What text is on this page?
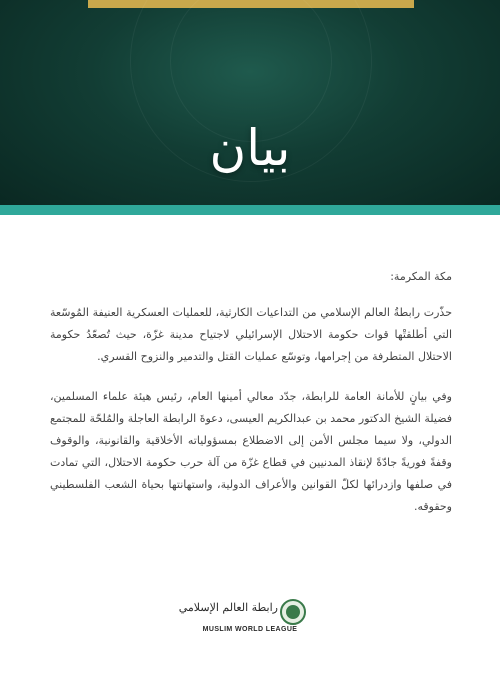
بيان

مكة المكرمة:

حذّرت رابطةُ العالم الإسلامي من التداعيات الكارثية، للعمليات العسكرية العنيفة المُوسّعة التي أطلقتْها قوات حكومة الاحتلال الإسرائيلي لاجتياح مدينة غزّة، حيث تُصعّدُ حكومة الاحتلال المتطرفة من إجرامها، وتوسّع عمليات القتل والتدمير والنزوح القسري.

وفي بيانٍ للأمانة العامة للرابطة، جدّد معالي أمينها العام، رئيس هيئة علماء المسلمين، فضيلة الشيخ الدكتور محمد بن عبدالكريم العيسى، دعوةَ الرابطة العاجلة والمُلحّة للمجتمع الدولي، ولا سيما مجلس الأمن إلى الاضطلاع بمسؤولياته الأخلاقية والقانونية، والوقوف وقفةً فوريةً جادّةً لإنقاذ المدنيين في قطاع غزّة من آلة حرب حكومة الاحتلال، التي تمادت في صلفها وازدرائها لكلّ القوانين والأعراف الدولية، واستهانتها بحياة الشعب الفلسطيني وحقوقه.

رابطة العالم الإسلامي
MUSLIM WORLD LEAGUE
